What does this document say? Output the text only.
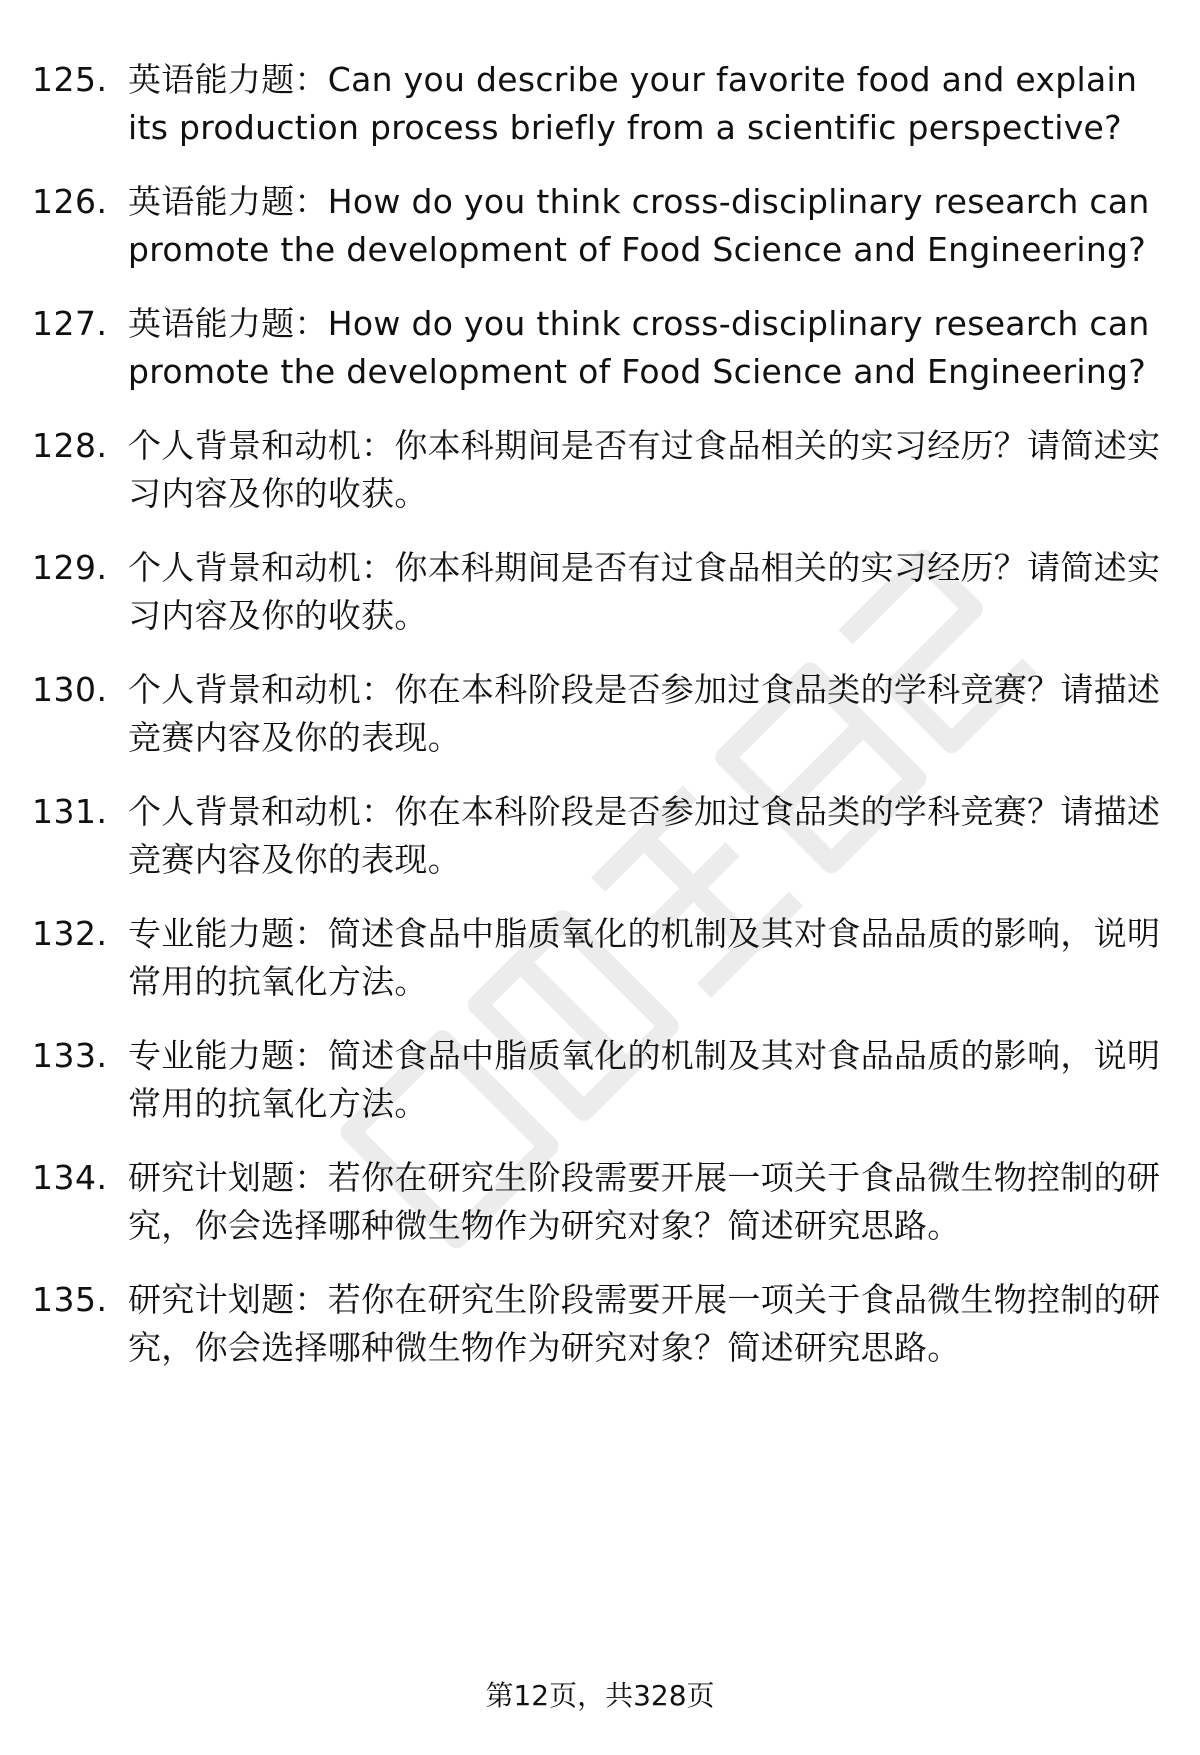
125. 英语能力题：Can you describe your favorite food and explain its production process briefly from a scientific perspective?
126. 英语能力题：How do you think cross-disciplinary research can promote the development of Food Science and Engineering?
127. 英语能力题：How do you think cross-disciplinary research can promote the development of Food Science and Engineering?
128. 个人背景和动机：你本科期间是否有过食品相关的实习经历？请简述实习内容及你的收获。
129. 个人背景和动机：你本科期间是否有过食品相关的实习经历？请简述实习内容及你的收获。
130. 个人背景和动机：你在本科阶段是否参加过食品类的学科竞赛？请描述竞赛内容及你的表现。
131. 个人背景和动机：你在本科阶段是否参加过食品类的学科竞赛？请描述竞赛内容及你的表现。
132. 专业能力题：简述食品中脂质氧化的机制及其对食品品质的影响，说明常用的抗氧化方法。
133. 专业能力题：简述食品中脂质氧化的机制及其对食品品质的影响，说明常用的抗氧化方法。
134. 研究计划题：若你在研究生阶段需要开展一项关于食品微生物控制的研究，你会选择哪种微生物作为研究对象？简述研究思路。
135. 研究计划题：若你在研究生阶段需要开展一项关于食品微生物控制的研究，你会选择哪种微生物作为研究对象？简述研究思路。
第12页，共328页
